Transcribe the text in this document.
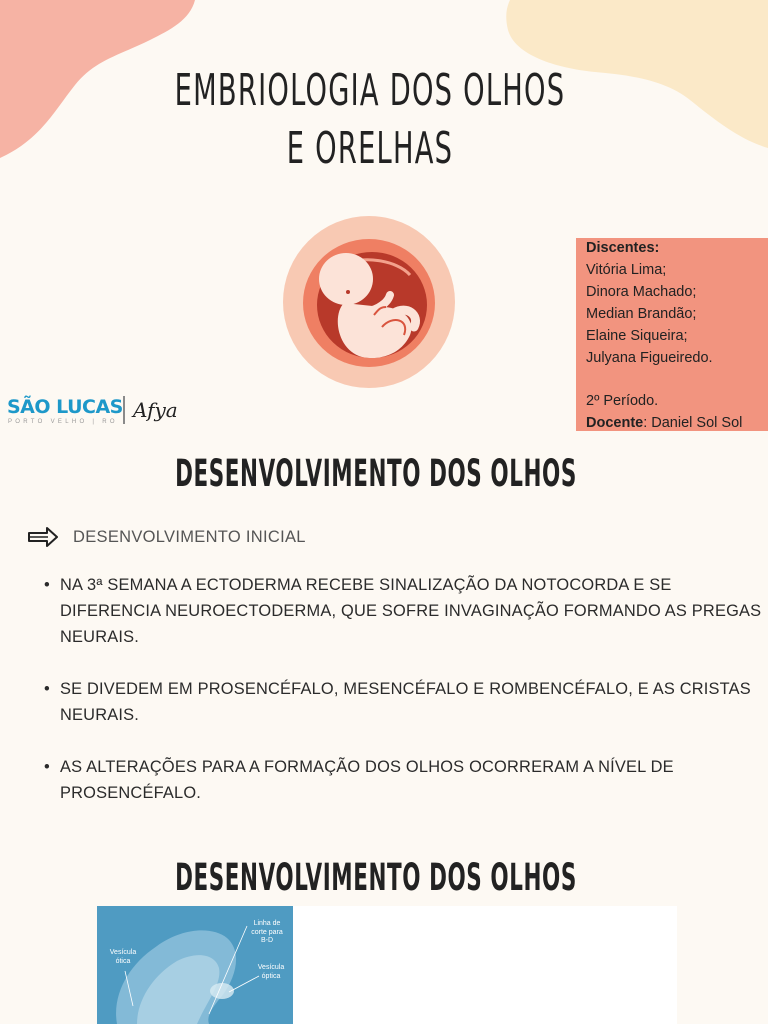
EMBRIOLOGIA DOS OLHOS
E ORELHAS
Discentes:
Vitória Lima;
Dinora Machado;
Median Brandão;
Elaine Siqueira;
Julyana Figueiredo.
2º Período.
Docente: Daniel Sol Sol
SÃO LUCAS
PORTO VELHO | RO Afya
DESENVOLVIMENTO DOS OLHOS
DESENVOLVIMENTO INICIAL
• NA 3ª SEMANA A ECTODERMA RECEBE SINALIZAÇÃO DA NOTOCORDA E SE DIFERENCIA NEUROECTODERMA, QUE SOFRE INVAGINAÇÃO FORMANDO AS PREGAS NEURAIS.
• SE DIVEDEM EM PROSENCÉFALO, MESENCÉFALO E ROMBENCÉFALO, E AS CRISTAS NEURAIS.
• AS ALTERAÇÕES PARA A FORMAÇÃO DOS OLHOS OCORRERAM A NÍVEL DE PROSENCÉFALO.
DESENVOLVIMENTO DOS OLHOS
Vesícula ótica
Linha de corte para B-D
Vesícula óptica
